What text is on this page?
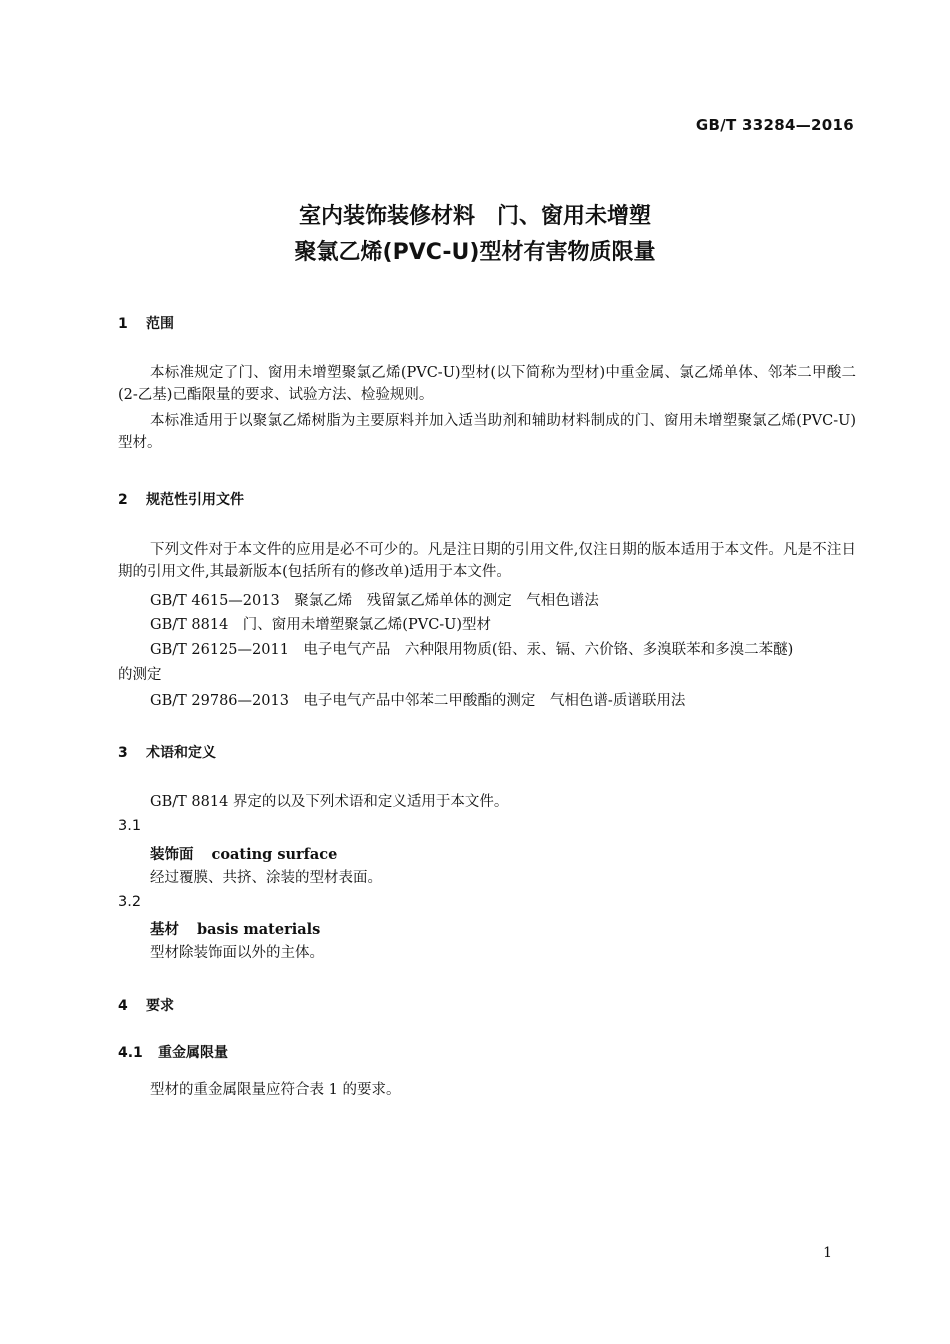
GB/T 33284—2016
室内装饰装修材料　门、窗用未增塑
聚氯乙烯(PVC-U)型材有害物质限量
1 范围
本标准规定了门、窗用未增塑聚氯乙烯(PVC-U)型材(以下简称为型材)中重金属、氯乙烯单体、邻苯二甲酸二(2-乙基)己酯限量的要求、试验方法、检验规则。
本标准适用于以聚氯乙烯树脂为主要原料并加入适当助剂和辅助材料制成的门、窗用未增塑聚氯乙烯(PVC-U)型材。
2 规范性引用文件
下列文件对于本文件的应用是必不可少的。凡是注日期的引用文件,仅注日期的版本适用于本文件。凡是不注日期的引用文件,其最新版本(包括所有的修改单)适用于本文件。
GB/T 4615—2013　聚氯乙烯　残留氯乙烯单体的测定　气相色谱法
GB/T 8814　门、窗用未增塑聚氯乙烯(PVC-U)型材
GB/T 26125—2011　电子电气产品　六种限用物质(铅、汞、镉、六价铬、多溴联苯和多溴二苯醚)
的测定
GB/T 29786—2013　电子电气产品中邻苯二甲酸酯的测定　气相色谱-质谱联用法
3 术语和定义
GB/T 8814 界定的以及下列术语和定义适用于本文件。
3.1
装饰面 coating surface
经过覆膜、共挤、涂装的型材表面。
3.2
基材 basis materials
型材除装饰面以外的主体。
4 要求
4.1 重金属限量
型材的重金属限量应符合表 1 的要求。
1
